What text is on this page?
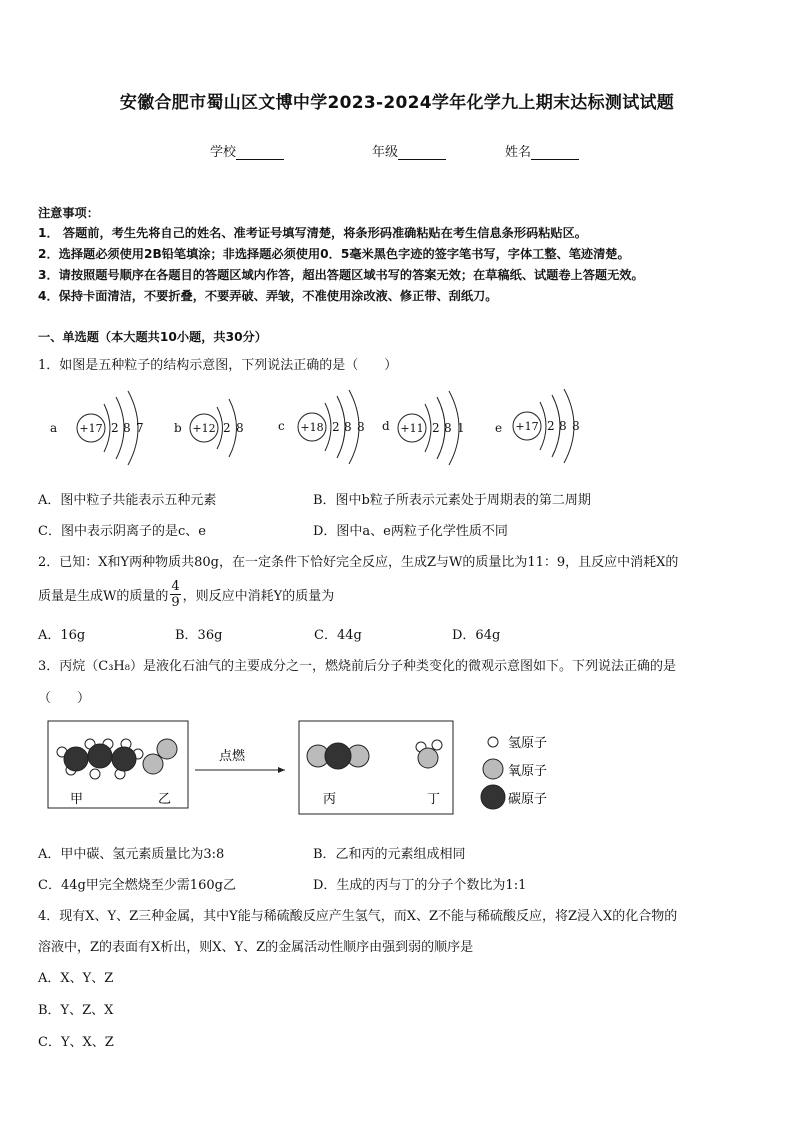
安徽合肥市蜀山区文博中学2023-2024学年化学九上期末达标测试试题
学校	年级	姓名
注意事项：
1． 答题前，考生先将自己的姓名、准考证号填写清楚，将条形码准确粘贴在考生信息条形码粘贴区。
2．选择题必须使用2B铅笔填涂；非选择题必须使用0．5毫米黑色字迹的签字笔书写，字体工整、笔迹清楚。
3．请按照题号顺序在各题目的答题区域内作答，超出答题区域书写的答案无效；在草稿纸、试题卷上答题无效。
4．保持卡面清洁，不要折叠，不要弄破、弄皱，不准使用涂改液、修正带、刮纸刀。
一、单选题（本大题共10小题，共30分）
1．如图是五种粒子的结构示意图，下列说法正确的是（　　）
a +17 2 8 7	b +12 2 8	c +18 2 8 8 d +11 2 8 1	e +17 2 8 8
A．图中粒子共能表示五种元素	B．图中b粒子所表示元素处于周期表的第二周期
C．图中表示阴离子的是c、e	D．图中a、e两粒子化学性质不同
2．已知：X和Y两种物质共80g，在一定条件下恰好完全反应，生成Z与W的质量比为11：9，且反应中消耗X的
质量是生成W的质量的 $\frac{4}{9}$ ，则反应中消耗Y的质量为
A．16g	B．36g	C．44g	D．64g
3．丙烷（C₃H₈）是液化石油气的主要成分之一，燃烧前后分子种类变化的微观示意图如下。下列说法正确的是
（　　）
甲	乙
点燃
丙	丁
氢原子
氧原子
碳原子
A．甲中碳、氢元素质量比为3:8	B．乙和丙的元素组成相同
C．44g甲完全燃烧至少需160g乙	D．生成的丙与丁的分子个数比为1:1
4．现有X、Y、Z三种金属，其中Y能与稀硫酸反应产生氢气，而X、Z不能与稀硫酸反应，将Z浸入X的化合物的
溶液中，Z的表面有X析出，则X、Y、Z的金属活动性顺序由强到弱的顺序是
A．X、Y、Z
B．Y、Z、X
C．Y、X、Z
